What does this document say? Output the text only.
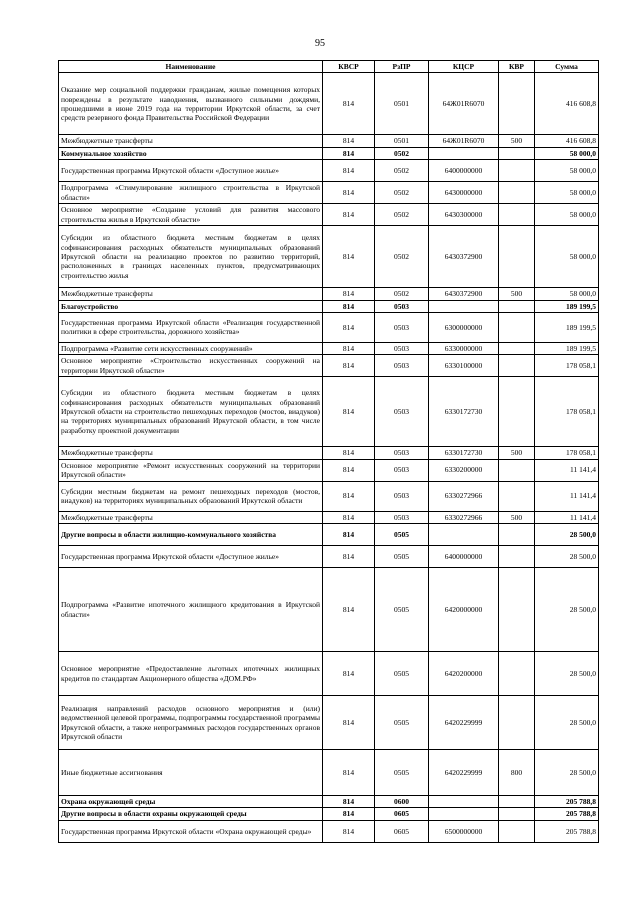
95
Наименование	КВСР	РзПР	КЦСР	КВР	Сумма
Оказание мер социальной поддержки гражданам, жилые помещения которых повреждены в результате наводнения, вызванного сильными дождями, прошедшими в июне 2019 года на территории Иркутской области, за счет средств резервного фонда Правительства Российской Федерации	814	0501	64Ж01R6070		416 608,8
Межбюджетные трансферты	814	0501	64Ж01R6070	500	416 608,8
Коммунальное хозяйство	814	0502			58 000,0
Государственная программа Иркутской области «Доступное жилье»	814	0502	6400000000		58 000,0
Подпрограмма «Стимулирование жилищного строительства в Иркутской области»	814	0502	6430000000		58 000,0
Основное мероприятие «Создание условий для развития массового строительства жилья в Иркутской области»	814	0502	6430300000		58 000,0
Субсидии из областного бюджета местным бюджетам в целях софинансирования расходных обязательств муниципальных образований Иркутской области на реализацию проектов по развитию территорий, расположенных в границах населенных пунктов, предусматривающих строительство жилья	814	0502	6430372900		58 000,0
Межбюджетные трансферты	814	0502	6430372900	500	58 000,0
Благоустройство	814	0503			189 199,5
Государственная программа Иркутской области «Реализация государственной политики в сфере строительства, дорожного хозяйства»	814	0503	6300000000		189 199,5
Подпрограмма «Развитие сети искусственных сооружений»	814	0503	6330000000		189 199,5
Основное мероприятие «Строительство искусственных сооружений на территории Иркутской области»	814	0503	6330100000		178 058,1
Субсидии из областного бюджета местным бюджетам в целях софинансирования расходных обязательств муниципальных образований Иркутской области на строительство пешеходных переходов (мостов, виадуков) на территориях муниципальных образований Иркутской области, в том числе разработку проектной документации	814	0503	6330172730		178 058,1
Межбюджетные трансферты	814	0503	6330172730	500	178 058,1
Основное мероприятие «Ремонт искусственных сооружений на территории Иркутской области»	814	0503	6330200000		11 141,4
Субсидии местным бюджетам на ремонт пешеходных переходов (мостов, виадуков) на территориях муниципальных образований Иркутской области	814	0503	6330272966		11 141,4
Межбюджетные трансферты	814	0503	6330272966	500	11 141,4
Другие вопросы в области жилищно-коммунального хозяйства	814	0505			28 500,0
Государственная программа Иркутской области «Доступное жилье»	814	0505	6400000000		28 500,0
Подпрограмма «Развитие ипотечного жилищного кредитования в Иркутской области»	814	0505	6420000000		28 500,0
Основное мероприятие «Предоставление льготных ипотечных жилищных кредитов по стандартам Акционерного общества «ДОМ.РФ»	814	0505	6420200000		28 500,0
Реализация направлений расходов основного мероприятия и (или) ведомственной целевой программы, подпрограммы государственной программы Иркутской области, а также непрограммных расходов государственных органов Иркутской области	814	0505	6420229999		28 500,0
Иные бюджетные ассигнования	814	0505	6420229999	800	28 500,0
Охрана окружающей среды	814	0600			205 788,8
Другие вопросы в области охраны окружающей среды	814	0605			205 788,8
Государственная программа Иркутской области «Охрана окружающей среды»	814	0605	6500000000		205 788,8
